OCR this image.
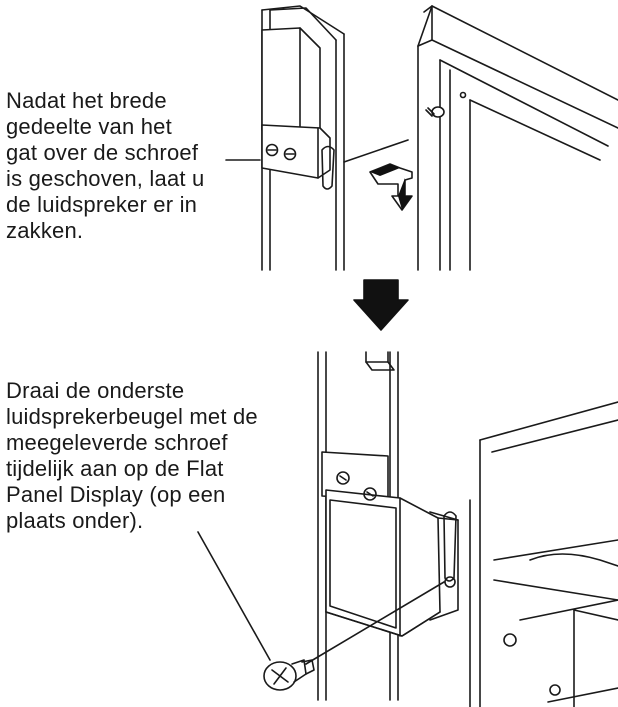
Nadat het brede
gedeelte van het
gat over de schroef
is geschoven, laat u
de luidspreker er in
zakken.
Draai de onderste
luidsprekerbeugel met de
meegeleverde schroef
tijdelijk aan op de Flat
Panel Display (op een
plaats onder).
